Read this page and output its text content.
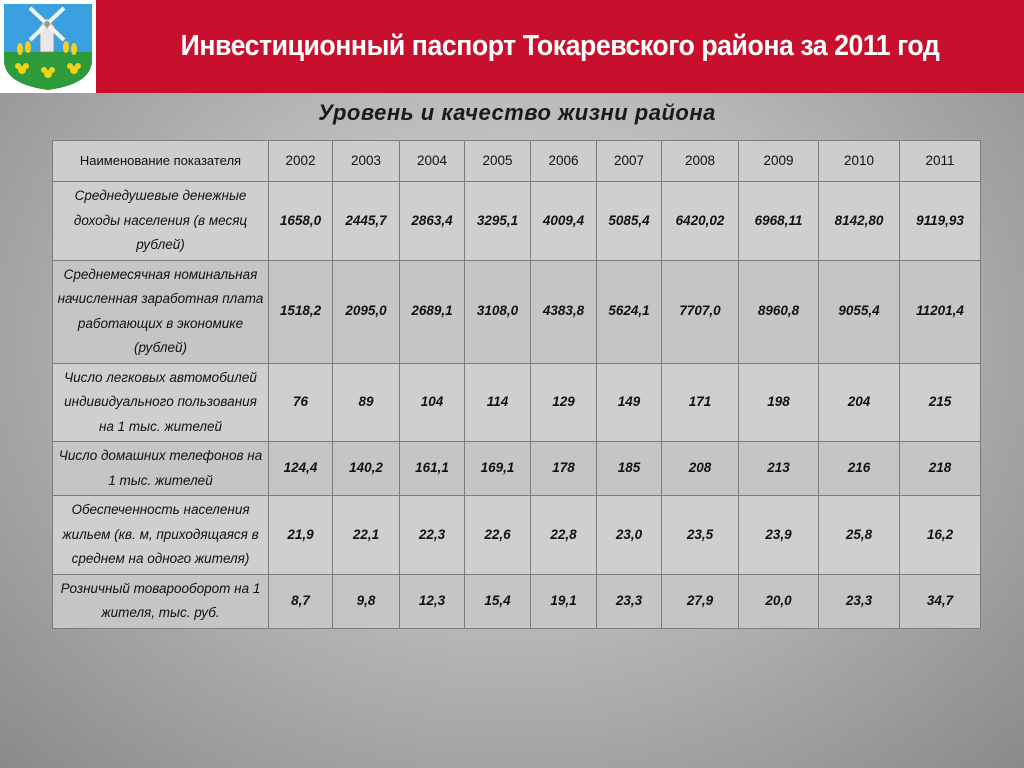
Инвестиционный паспорт Токаревского района за 2011 год
Уровень и качество жизни района
Наименование показателя	2002	2003	2004	2005	2006	2007	2008	2009	2010	2011
Среднедушевые денежные доходы населения (в месяц рублей)	1658,0	2445,7	2863,4	3295,1	4009,4	5085,4	6420,02	6968,11	8142,80	9119,93
Среднемесячная номинальная начисленная заработная плата работающих в экономике (рублей)	1518,2	2095,0	2689,1	3108,0	4383,8	5624,1	7707,0	8960,8	9055,4	11201,4
Число легковых автомобилей индивидуального пользования на 1 тыс. жителей	76	89	104	114	129	149	171	198	204	215
Число домашних телефонов на 1 тыс. жителей	124,4	140,2	161,1	169,1	178	185	208	213	216	218
Обеспеченность населения жильем (кв. м, приходящаяся в среднем на одного жителя)	21,9	22,1	22,3	22,6	22,8	23,0	23,5	23,9	25,8	16,2
Розничный товарооборот на 1 жителя, тыс. руб.	8,7	9,8	12,3	15,4	19,1	23,3	27,9	20,0	23,3	34,7
